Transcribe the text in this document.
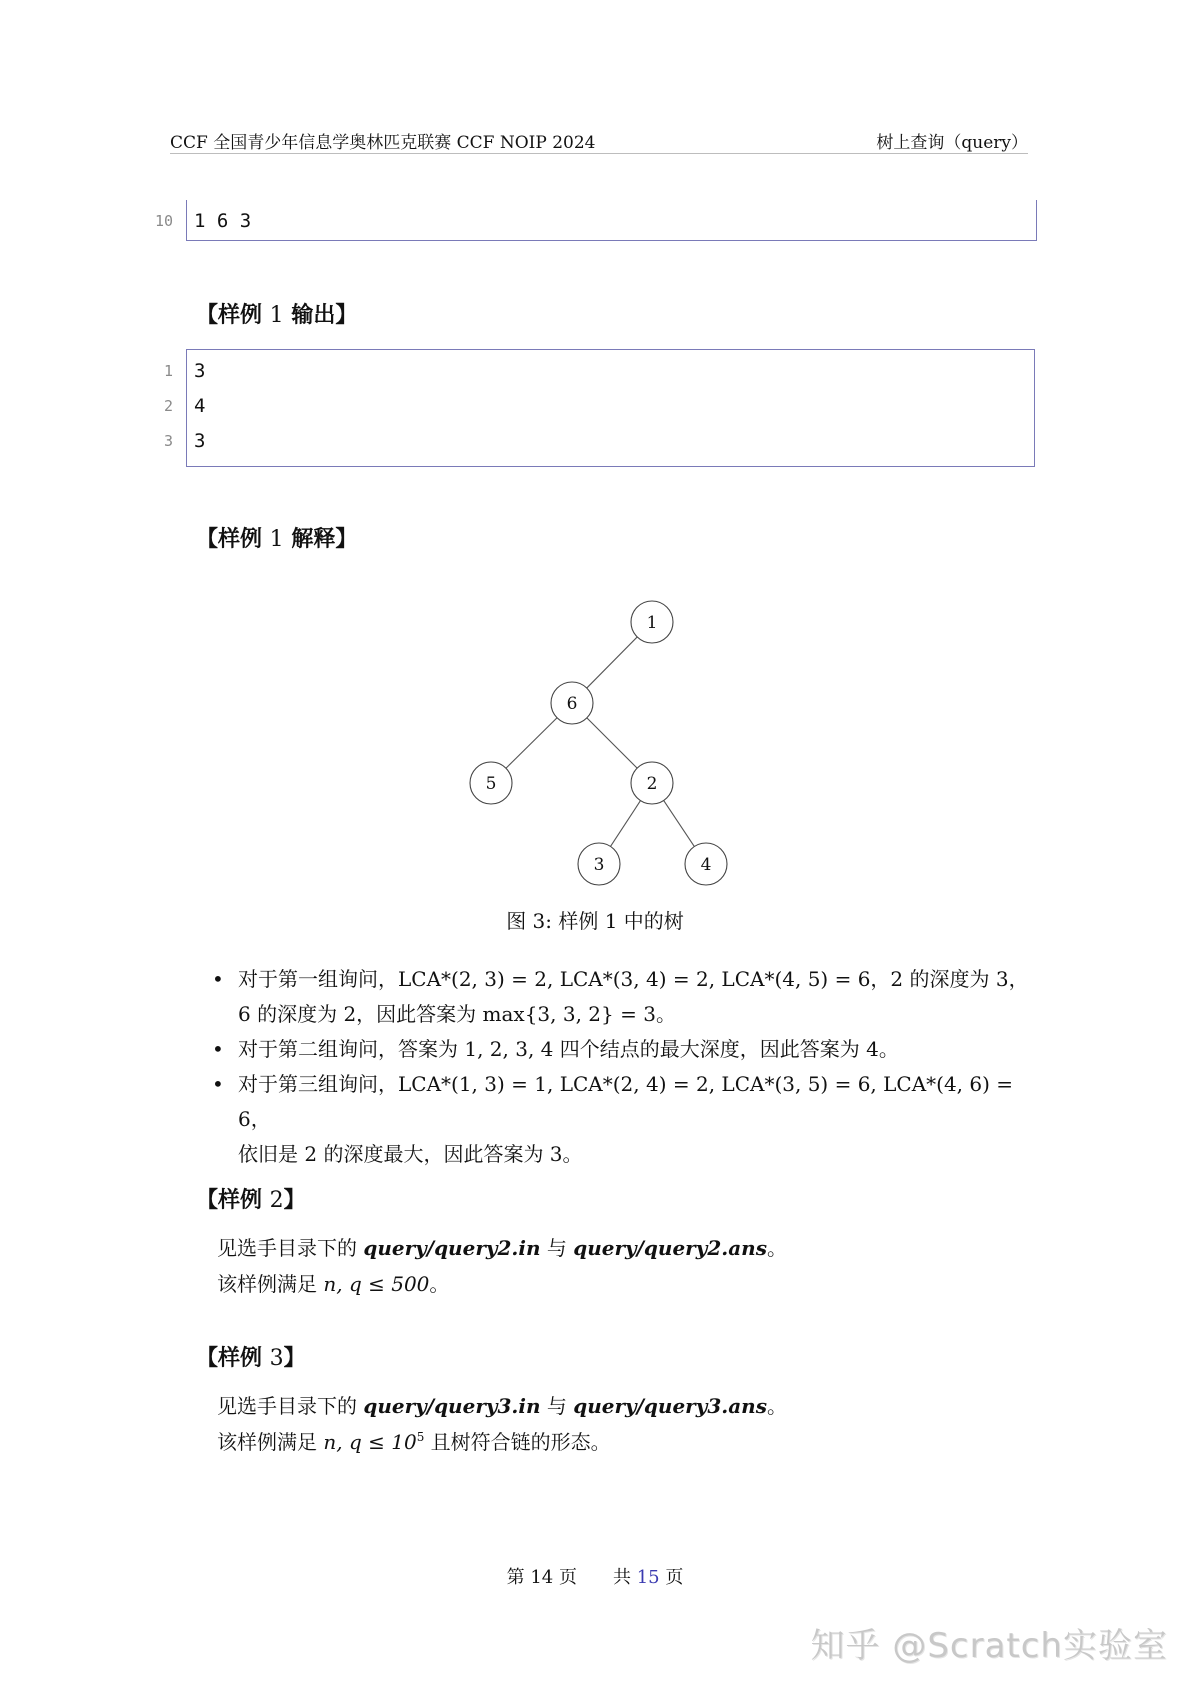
CCF 全国青少年信息学奥林匹克联赛 CCF NOIP 2024	树上查询（query）
10 1 6 3
【样例 1 输出】
1 3
2 4
3 3
【样例 1 解释】
1
6
5	2
3	4
图 3: 样例 1 中的树
• 对于第一组询问，LCA*(2, 3) = 2, LCA*(3, 4) = 2, LCA*(4, 5) = 6，2 的深度为 3，
6 的深度为 2，因此答案为 max{3, 3, 2} = 3。
• 对于第二组询问，答案为 1, 2, 3, 4 四个结点的最大深度，因此答案为 4。
• 对于第三组询问，LCA*(1, 3) = 1, LCA*(2, 4) = 2, LCA*(3, 5) = 6, LCA*(4, 6) = 6，
依旧是 2 的深度最大，因此答案为 3。
【样例 2】
见选手目录下的 query/query2.in 与 query/query2.ans。
该样例满足 n, q ≤ 500。
【样例 3】
见选手目录下的 query/query3.in 与 query/query3.ans。
该样例满足 n, $q \le 10^5$ 且树符合链的形态。
第 14 页 共 15 页
知乎 @Scratch实验室
